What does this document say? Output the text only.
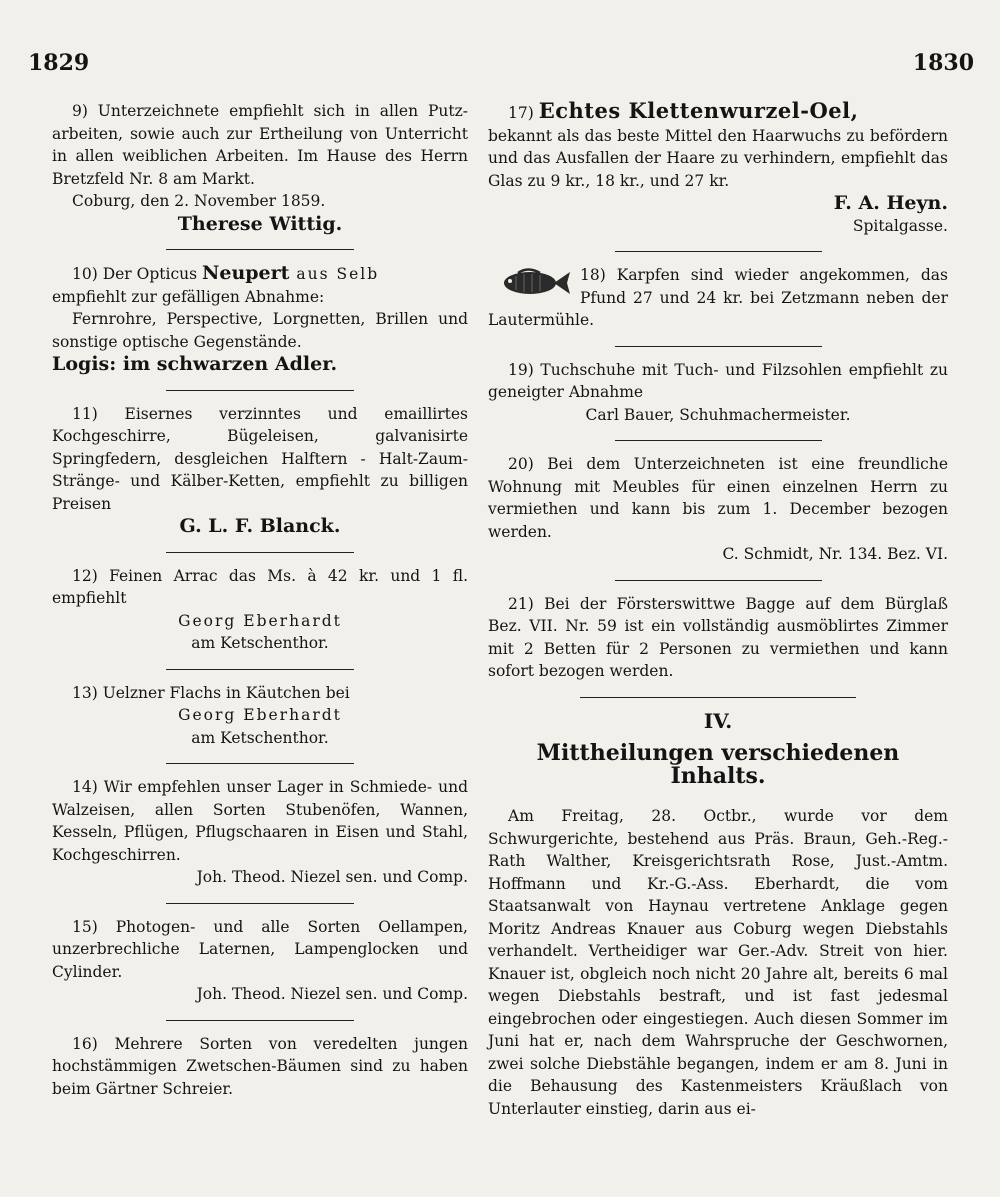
1829	1830

9) Unterzeichnete empfiehlt sich in allen Putz-arbeiten, sowie auch zur Ertheilung von Unterricht in allen weiblichen Arbeiten. Im Hause des Herrn Bretzfeld Nr. 8 am Markt.

Coburg, den 2. November 1859.

Therese Wittig.

10) Der Opticus Neupert aus Selb

empfiehlt zur gefälligen Abnahme:

Fernrohre, Perspective, Lorgnetten, Brillen und sonstige optische Gegenstände.

Logis: im schwarzen Adler.

11) Eisernes verzinntes und emaillirtes Kochgeschirre, Bügeleisen, galvanisirte Springfedern, desgleichen Halftern - Halt-Zaum-Stränge- und Kälber-Ketten, empfiehlt zu billigen Preisen

G. L. F. Blanck.

12) Feinen Arrac das Ms. à 42 kr. und 1 fl. empfiehlt

Georg Eberhardt

am Ketschenthor.

13) Uelzner Flachs in Käutchen bei

Georg Eberhardt

am Ketschenthor.

14) Wir empfehlen unser Lager in Schmiede- und Walzeisen, allen Sorten Stubenöfen, Wannen, Kesseln, Pflügen, Pflugschaaren in Eisen und Stahl, Kochgeschirren.

Joh. Theod. Niezel sen. und Comp.

15) Photogen- und alle Sorten Oellampen, unzerbrechliche Laternen, Lampenglocken und Cylinder.

Joh. Theod. Niezel sen. und Comp.

16) Mehrere Sorten von veredelten jungen hochstämmigen Zwetschen-Bäumen sind zu haben beim Gärtner Schreier.

17) Echtes Klettenwurzel-Oel,

bekannt als das beste Mittel den Haarwuchs zu befördern und das Ausfallen der Haare zu verhindern, empfiehlt das Glas zu 9 kr., 18 kr., und 27 kr.

F. A. Heyn.

Spitalgasse.

18) Karpfen sind wieder angekommen, das Pfund 27 und 24 kr. bei Zetzmann neben der Lautermühle.

19) Tuchschuhe mit Tuch- und Filzsohlen empfiehlt zu geneigter Abnahme

Carl Bauer, Schuhmachermeister.

20) Bei dem Unterzeichneten ist eine freundliche Wohnung mit Meubles für einen einzelnen Herrn zu vermiethen und kann bis zum 1. December bezogen werden.

C. Schmidt, Nr. 134. Bez. VI.

21) Bei der Försterswittwe Bagge auf dem Bürglaß Bez. VII. Nr. 59 ist ein vollständig ausmöblirtes Zimmer mit 2 Betten für 2 Personen zu vermiethen und kann sofort bezogen werden.

IV.
Mittheilungen verschiedenen Inhalts.

Am Freitag, 28. Octbr., wurde vor dem Schwurgerichte, bestehend aus Präs. Braun, Geh.-Reg.-Rath Walther, Kreisgerichtsrath Rose, Just.-Amtm. Hoffmann und Kr.-G.-Ass. Eberhardt, die vom Staatsanwalt von Haynau vertretene Anklage gegen Moritz Andreas Knauer aus Coburg wegen Diebstahls verhandelt. Vertheidiger war Ger.-Adv. Streit von hier. Knauer ist, obgleich noch nicht 20 Jahre alt, bereits 6 mal wegen Diebstahls bestraft, und ist fast jedesmal eingebrochen oder eingestiegen. Auch diesen Sommer im Juni hat er, nach dem Wahrspruche der Geschwornen, zwei solche Diebstähle begangen, indem er am 8. Juni in die Behausung des Kastenmeisters Kräußlach von Unterlauter einstieg, darin aus ei-
